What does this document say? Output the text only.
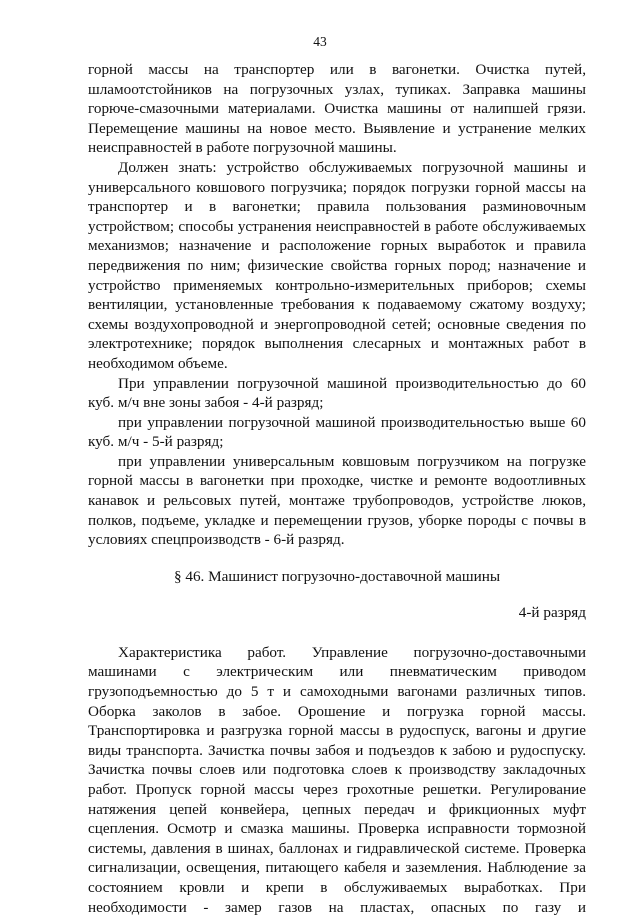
43

горной массы на транспортер или в вагонетки. Очистка путей, шламоотстойников на погрузочных узлах, тупиках. Заправка машины горюче-смазочными материалами. Очистка машины от налипшей грязи. Перемещение машины на новое место. Выявление и устранение мелких неисправностей в работе погрузочной машины.

Должен знать: устройство обслуживаемых погрузочной машины и универсального ковшового погрузчика; порядок погрузки горной массы на транспортер и в вагонетки; правила пользования разминовочным устройством; способы устранения неисправностей в работе обслуживаемых механизмов; назначение и расположение горных выработок и правила передвижения по ним; физические свойства горных пород; назначение и устройство применяемых контрольно-измерительных приборов; схемы вентиляции, установленные требования к подаваемому сжатому воздуху; схемы воздухопроводной и энергопроводной сетей; основные сведения по электротехнике; порядок выполнения слесарных и монтажных работ в необходимом объеме.

При управлении погрузочной машиной производительностью до 60 куб. м/ч вне зоны забоя - 4-й разряд;

при управлении погрузочной машиной производительностью выше 60 куб. м/ч - 5-й разряд;

при управлении универсальным ковшовым погрузчиком на погрузке горной массы в вагонетки при проходке, чистке и ремонте водоотливных канавок и рельсовых путей, монтаже трубопроводов, устройстве люков, полков, подъеме, укладке и перемещении грузов, уборке породы с почвы в условиях спецпроизводств - 6-й разряд.

§ 46. Машинист погрузочно-доставочной машины
4-й разряд

Характеристика работ. Управление погрузочно-доставочными машинами с электрическим или пневматическим приводом грузоподъемностью до 5 т и самоходными вагонами различных типов. Оборка заколов в забое. Орошение и погрузка горной массы. Транспортировка и разгрузка горной массы в рудоспуск, вагоны и другие виды транспорта. Зачистка почвы забоя и подъездов к забою и рудоспуску. Зачистка почвы слоев или подготовка слоев к производству закладочных работ. Пропуск горной массы через грохотные решетки. Регулирование натяжения цепей конвейера, цепных передач и фрикционных муфт сцепления. Осмотр и смазка машины. Проверка исправности тормозной системы, давления в шинах, баллонах и гидравлической системе. Проверка сигнализации, освещения, питающего кабеля и заземления. Наблюдение за состоянием кровли и крепи в обслуживаемых выработках. При необходимости - замер газов на пластах, опасных по газу и
